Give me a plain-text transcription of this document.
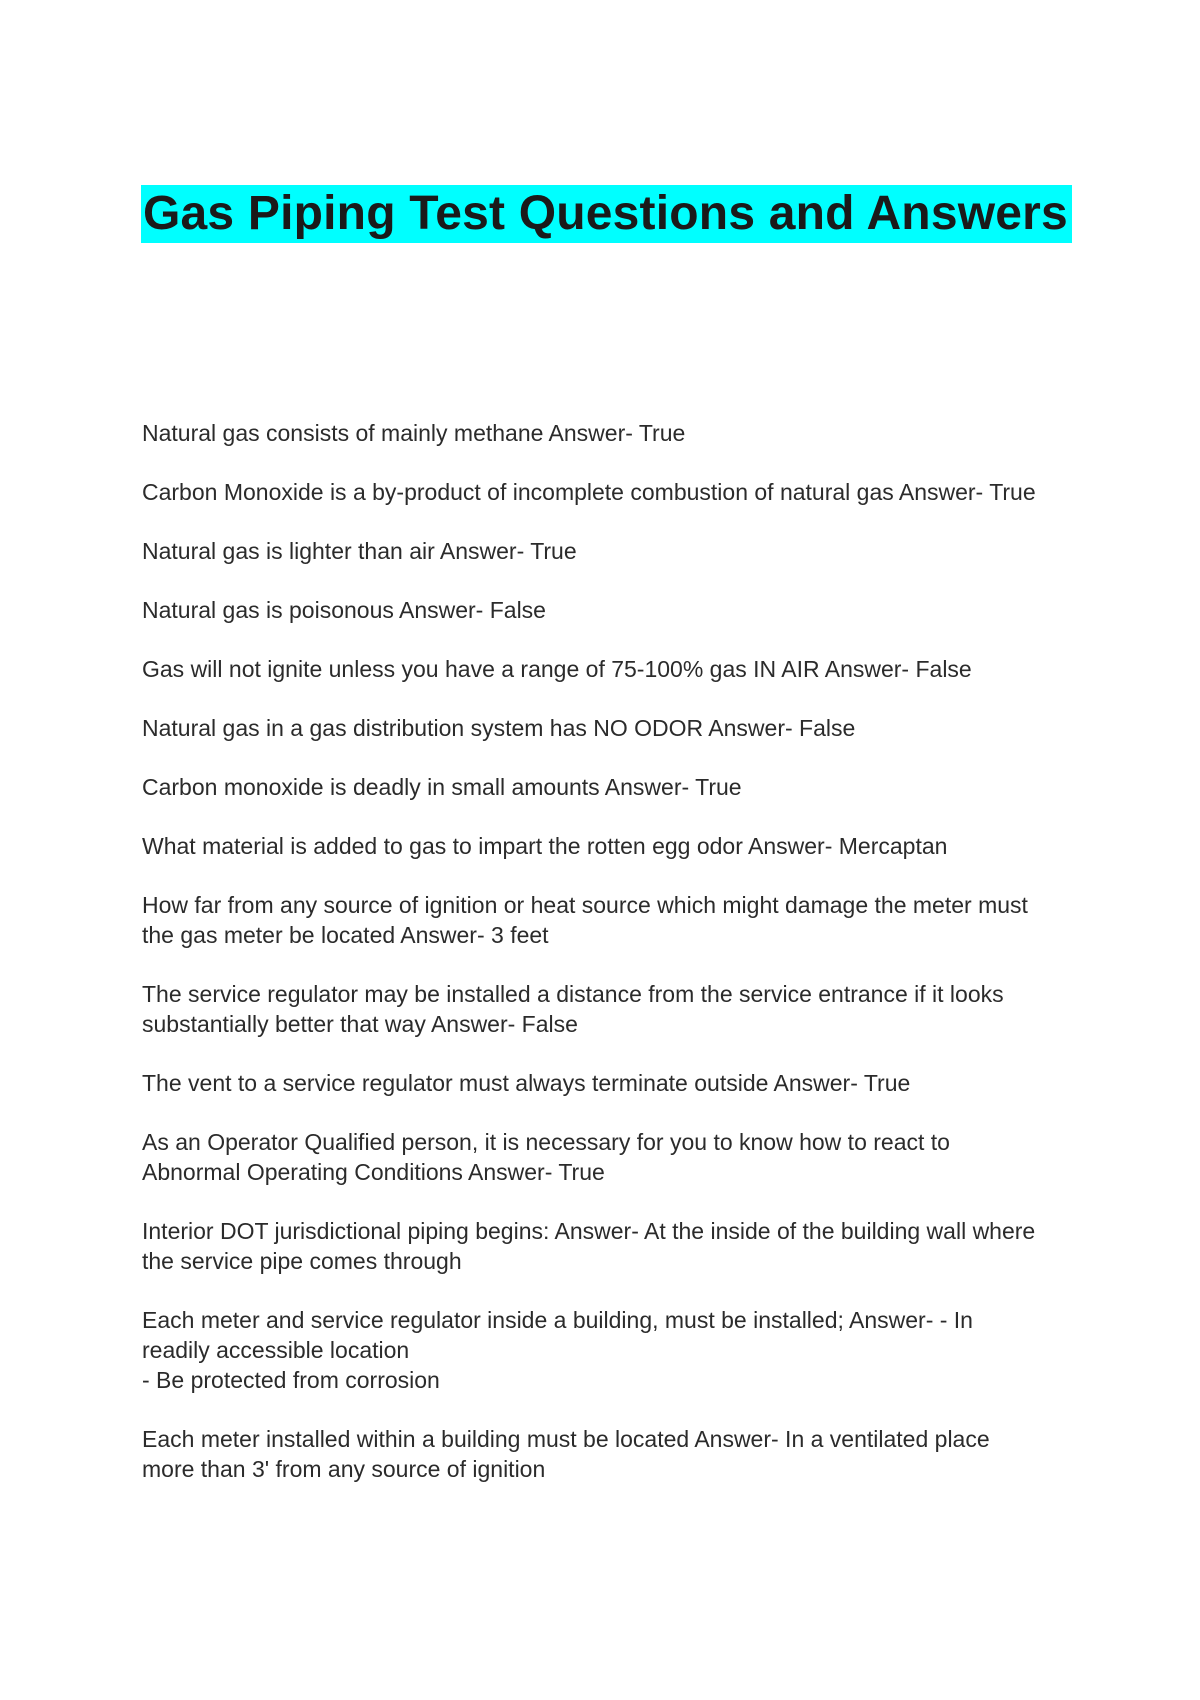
Gas Piping Test Questions and Answers
Natural gas consists of mainly methane Answer- True
Carbon Monoxide is a by-product of incomplete combustion of natural gas Answer- True
Natural gas is lighter than air Answer- True
Natural gas is poisonous Answer- False
Gas will not ignite unless you have a range of 75-100% gas IN AIR Answer- False
Natural gas in a gas distribution system has NO ODOR Answer- False
Carbon monoxide is deadly in small amounts Answer- True
What material is added to gas to impart the rotten egg odor Answer- Mercaptan
How far from any source of ignition or heat source which might damage the meter must
the gas meter be located Answer- 3 feet
The service regulator may be installed a distance from the service entrance if it looks
substantially better that way Answer- False
The vent to a service regulator must always terminate outside Answer- True
As an Operator Qualified person, it is necessary for you to know how to react to
Abnormal Operating Conditions Answer- True
Interior DOT jurisdictional piping begins: Answer- At the inside of the building wall where
the service pipe comes through
Each meter and service regulator inside a building, must be installed; Answer- - In
readily accessible location
- Be protected from corrosion
Each meter installed within a building must be located Answer- In a ventilated place
more than 3' from any source of ignition
